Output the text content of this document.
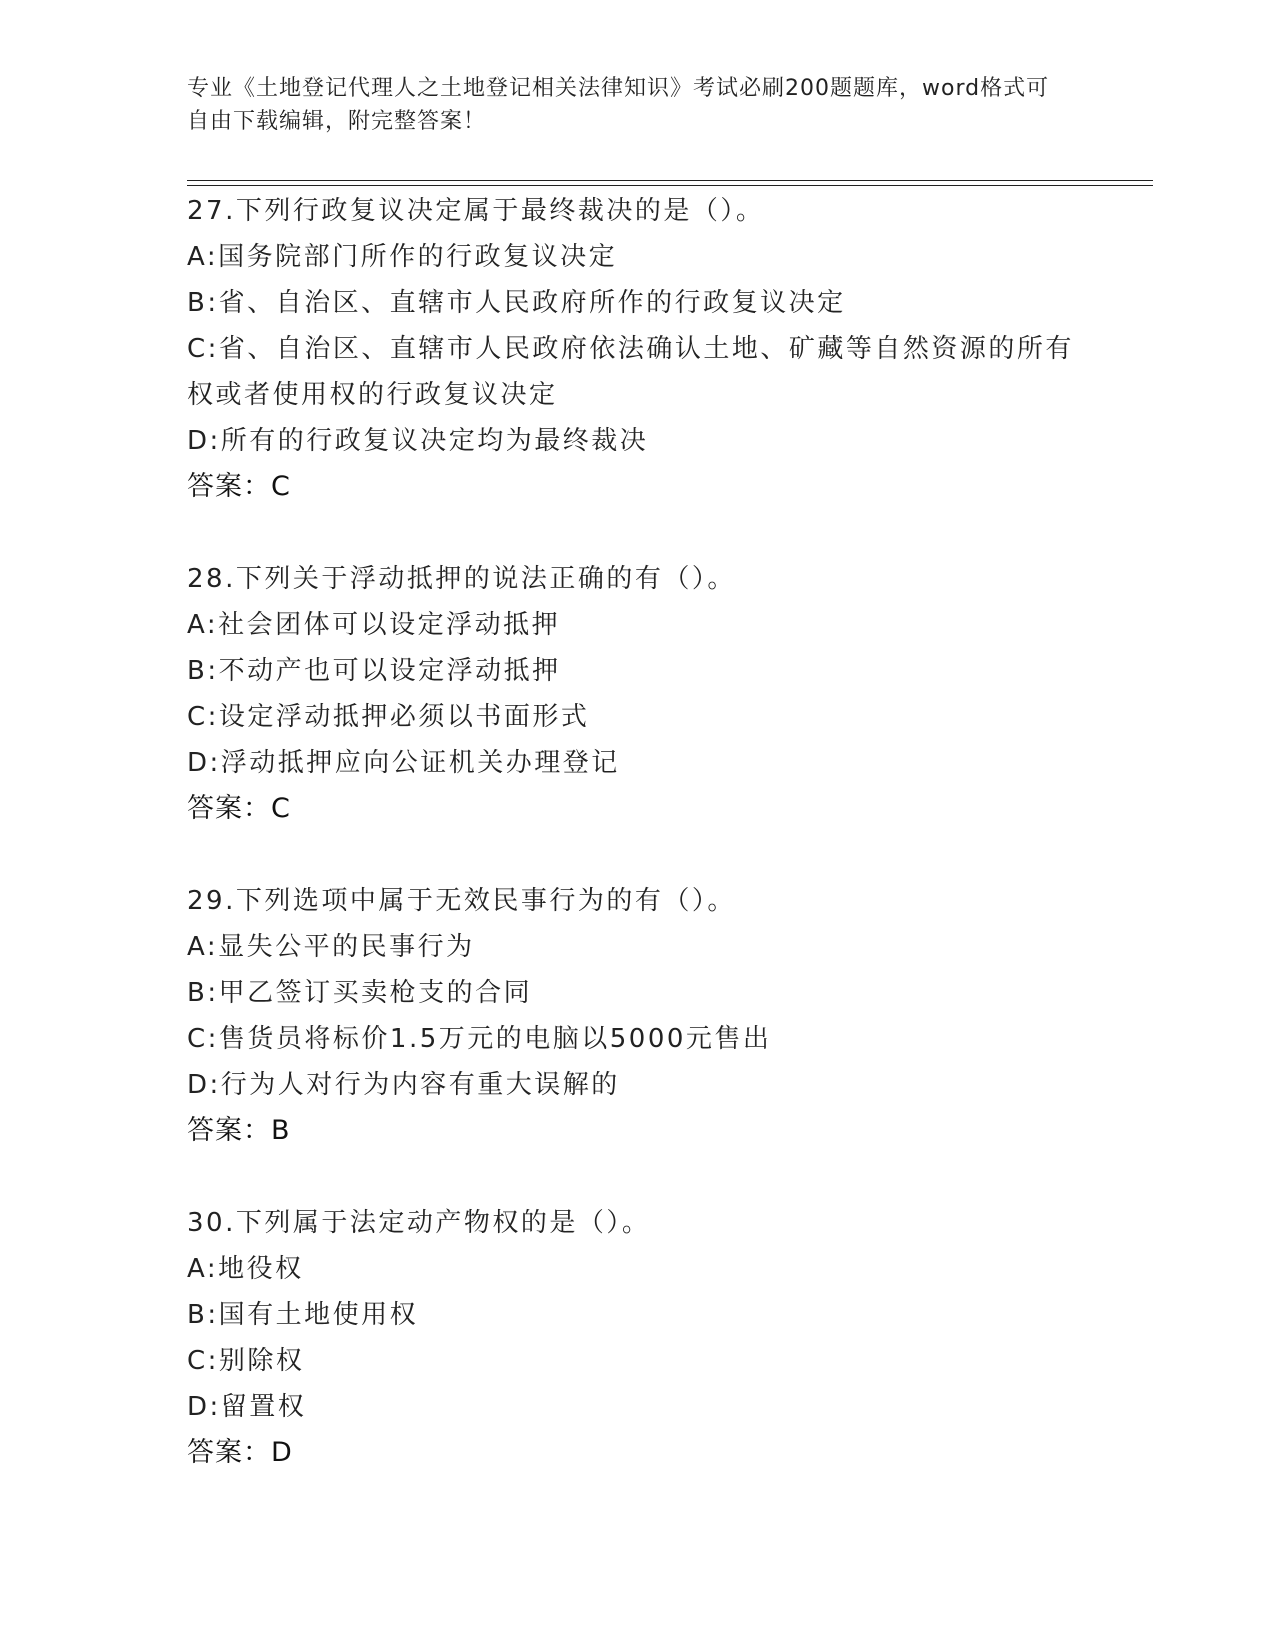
专业《土地登记代理人之土地登记相关法律知识》考试必刷200题题库，word格式可自由下载编辑，附完整答案！
27.下列行政复议决定属于最终裁决的是（）。
A:国务院部门所作的行政复议决定
B:省、自治区、直辖市人民政府所作的行政复议决定
C:省、自治区、直辖市人民政府依法确认土地、矿藏等自然资源的所有权或者使用权的行政复议决定
D:所有的行政复议决定均为最终裁决
答案：C
28.下列关于浮动抵押的说法正确的有（）。
A:社会团体可以设定浮动抵押
B:不动产也可以设定浮动抵押
C:设定浮动抵押必须以书面形式
D:浮动抵押应向公证机关办理登记
答案：C
29.下列选项中属于无效民事行为的有（）。
A:显失公平的民事行为
B:甲乙签订买卖枪支的合同
C:售货员将标价1.5万元的电脑以5000元售出
D:行为人对行为内容有重大误解的
答案：B
30.下列属于法定动产物权的是（）。
A:地役权
B:国有土地使用权
C:别除权
D:留置权
答案：D
